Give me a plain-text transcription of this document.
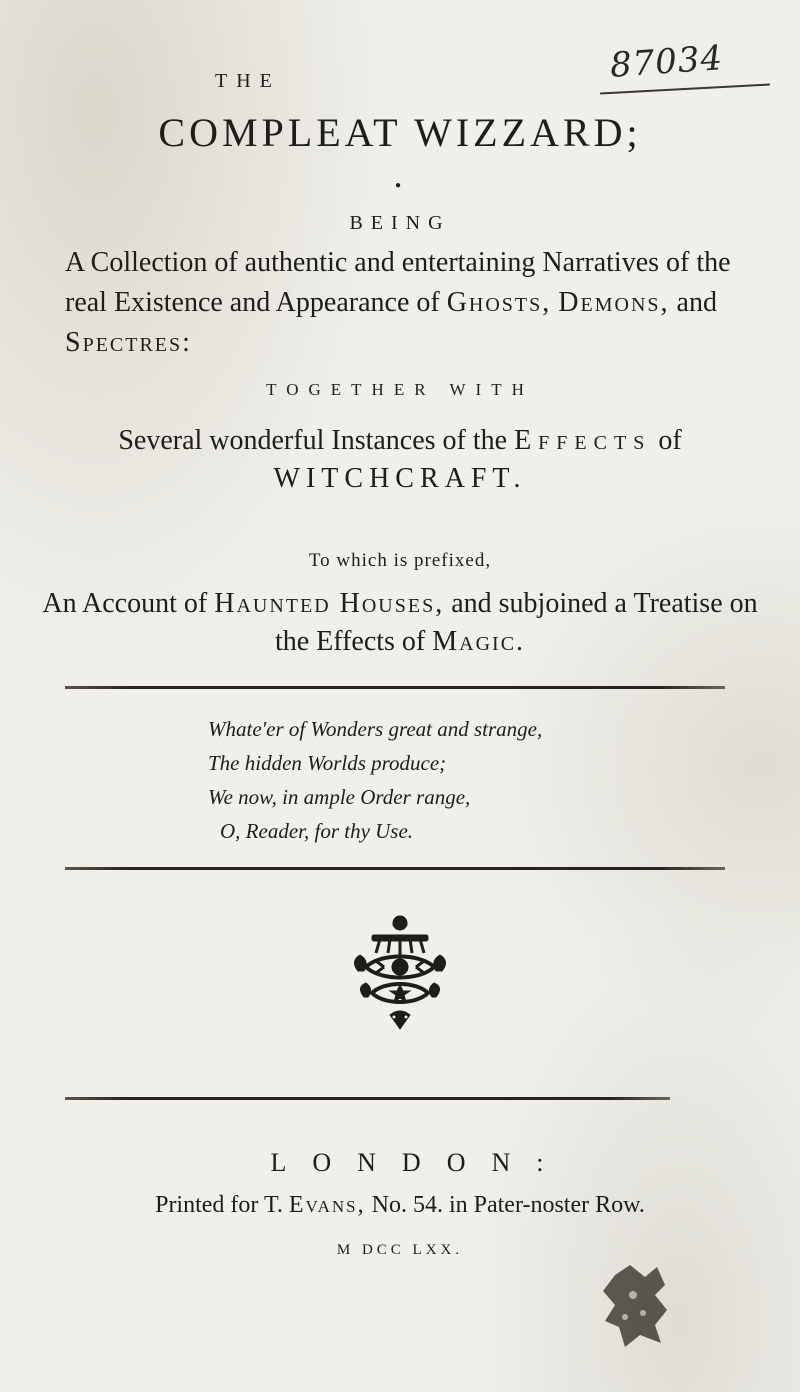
87034
THE
COMPLEAT WIZZARD;
●
BEING
A Collection of authentic and entertaining Narratives of the real Existence and Appearance of Ghosts, Demons, and Spectres:
TOGETHER WITH
Several wonderful Instances of the Effects of
WITCHCRAFT.
To which is prefixed,
An Account of Haunted Houses, and subjoined a Treatise on the Effects of Magic.
Whate'er of Wonders great and strange,
The hidden Worlds produce;
We now, in ample Order range,
O, Reader, for thy Use.
LONDON:
Printed for T. Evans, No. 54. in Pater-noster Row.
M DCC LXX.
